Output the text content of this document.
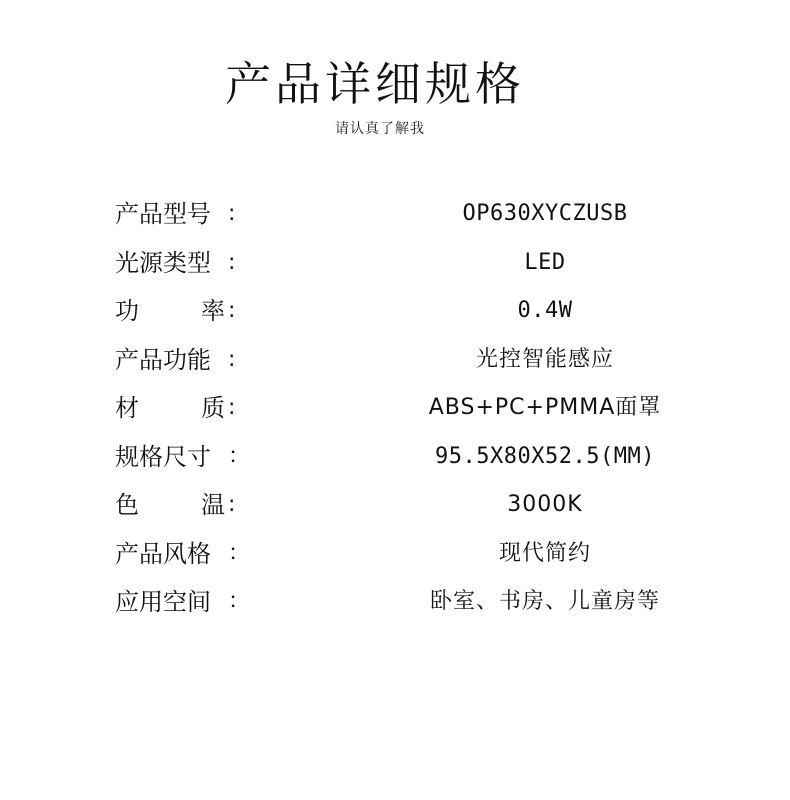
产品详细规格
请认真了解我
产品型号 :	OP630XYCZUSB
光源类型 :	LED
功	率 :	0.4W
产品功能 :	光控智能感应
材	质 :	ABS+PC+PMMA面罩
规格尺寸 ：	95.5X80X52.5(MM)
色	温 :	3000K
产品风格 ：	现代简约
应用空间 ：	卧室、书房、儿童房等
